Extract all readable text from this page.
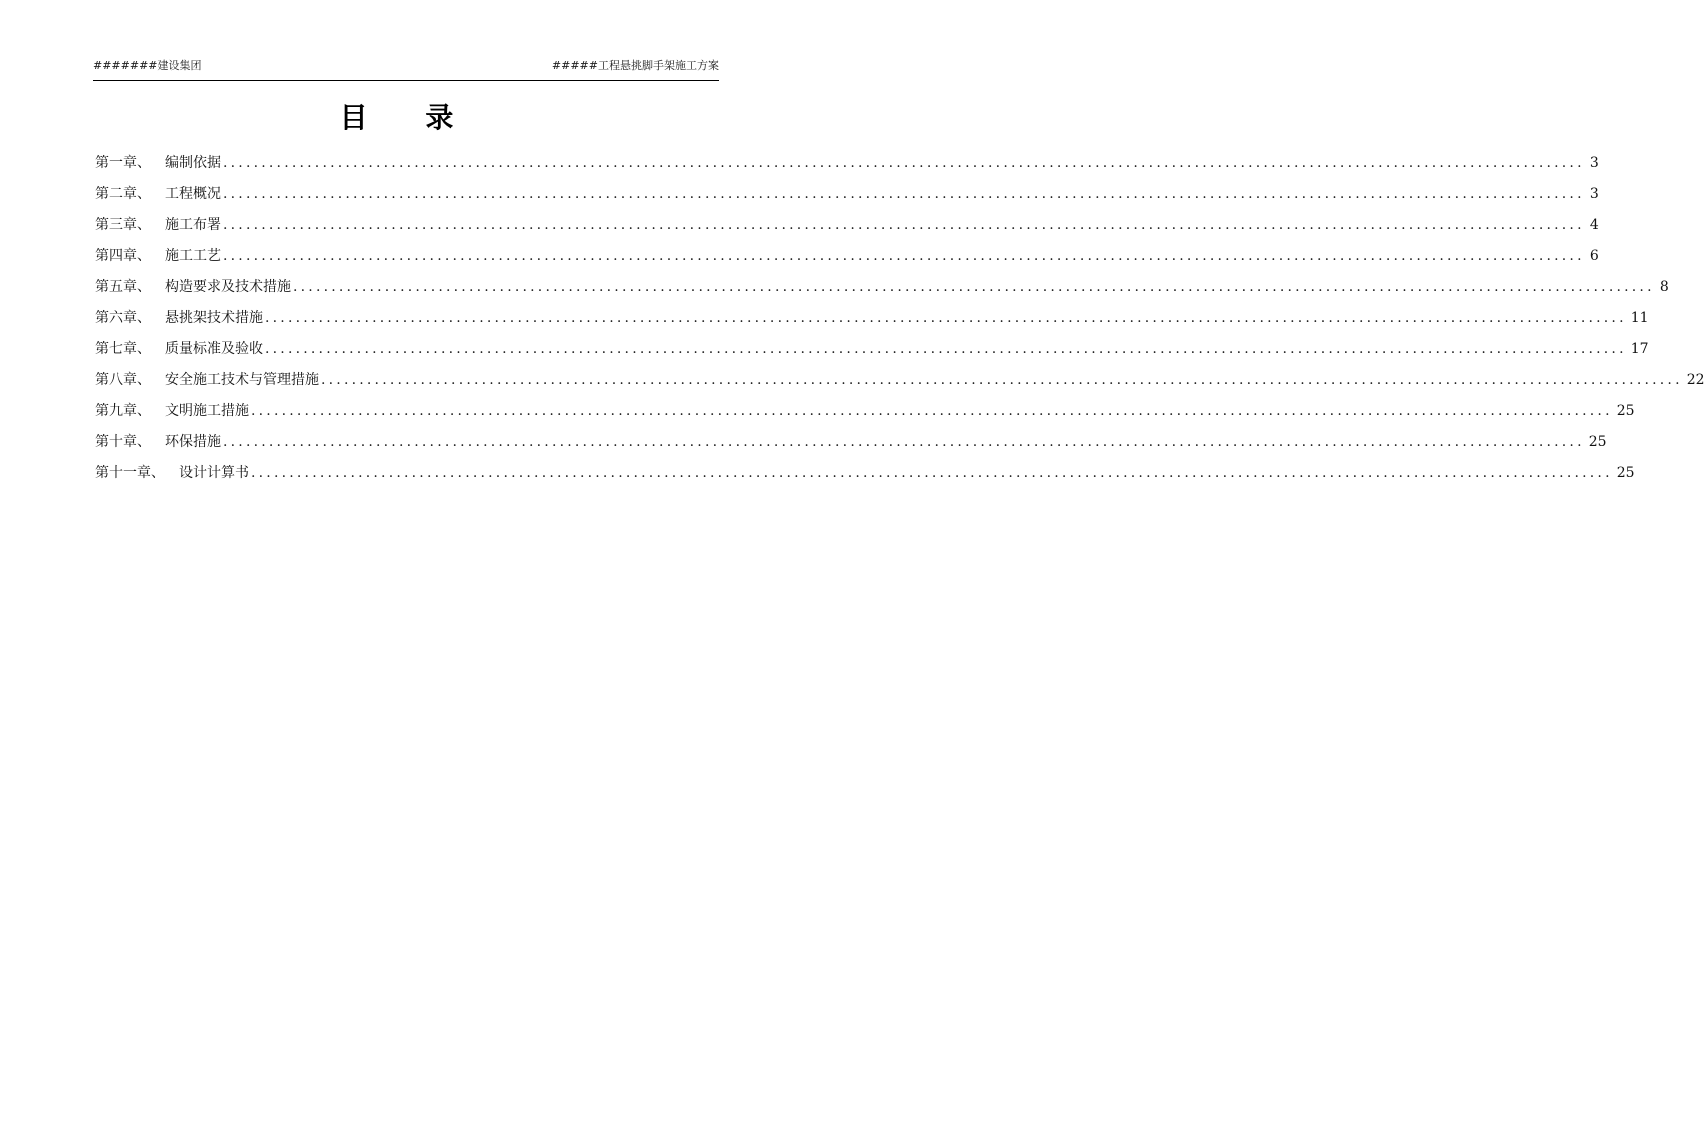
#######建设集团	#####工程悬挑脚手架施工方案
目 录
第一章、 编制依据 .................................................................................................................................................................................. 3
第二章、 工程概况 .................................................................................................................................................................................. 3
第三章、 施工布署 .................................................................................................................................................................................. 4
第四章、 施工工艺 .................................................................................................................................................................................. 6
第五章、 构造要求及技术措施 .................................................................................................................................................................................. 8
第六章、 悬挑架技术措施 .................................................................................................................................................................................. 11
第七章、 质量标准及验收 .................................................................................................................................................................................. 17
第八章、 安全施工技术与管理措施 .................................................................................................................................................................................. 22
第九章、 文明施工措施 .................................................................................................................................................................................. 25
第十章、 环保措施 .................................................................................................................................................................................. 25
第十一章、 设计计算书 .................................................................................................................................................................................. 25
